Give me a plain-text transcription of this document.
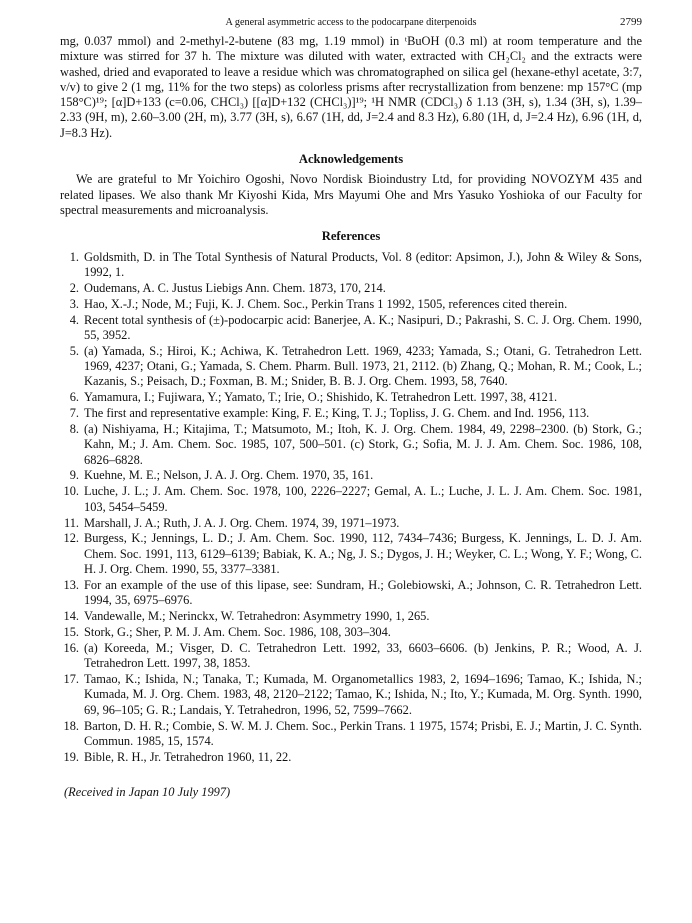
A general asymmetric access to the podocarpane diterpenoids	2799

mg, 0.037 mmol) and 2-methyl-2-butene (83 mg, 1.19 mmol) in ᵗBuOH (0.3 ml) at room temperature and the mixture was stirred for 37 h. The mixture was diluted with water, extracted with CH₂Cl₂ and the extracts were washed, dried and evaporated to leave a residue which was chromatographed on silica gel (hexane-ethyl acetate, 3:7, v/v) to give 2 (1 mg, 11% for the two steps) as colorless prisms after recrystallization from benzene: mp 157°C (mp 158°C)¹⁹; [α]D+133 (c=0.06, CHCl₃) [[α]D+132 (CHCl₃)]¹⁹; ¹H NMR (CDCl₃) δ 1.13 (3H, s), 1.34 (3H, s), 1.39–2.33 (9H, m), 2.60–3.00 (2H, m), 3.77 (3H, s), 6.67 (1H, dd, J=2.4 and 8.3 Hz), 6.80 (1H, d, J=2.4 Hz), 6.96 (1H, d, J=8.3 Hz).

Acknowledgements

We are grateful to Mr Yoichiro Ogoshi, Novo Nordisk Bioindustry Ltd, for providing NOVOZYM 435 and related lipases. We also thank Mr Kiyoshi Kida, Mrs Mayumi Ohe and Mrs Yasuko Yoshioka of our Faculty for spectral measurements and microanalysis.

References
1. Goldsmith, D. in The Total Synthesis of Natural Products, Vol. 8 (editor: Apsimon, J.), John & Wiley & Sons, 1992, 1.
2. Oudemans, A. C. Justus Liebigs Ann. Chem. 1873, 170, 214.
3. Hao, X.-J.; Node, M.; Fuji, K. J. Chem. Soc., Perkin Trans 1 1992, 1505, references cited therein.
4. Recent total synthesis of (±)-podocarpic acid: Banerjee, A. K.; Nasipuri, D.; Pakrashi, S. C. J. Org. Chem. 1990, 55, 3952.
5. (a) Yamada, S.; Hiroi, K.; Achiwa, K. Tetrahedron Lett. 1969, 4233; Yamada, S.; Otani, G. Tetrahedron Lett. 1969, 4237; Otani, G.; Yamada, S. Chem. Pharm. Bull. 1973, 21, 2112. (b) Zhang, Q.; Mohan, R. M.; Cook, L.; Kazanis, S.; Peisach, D.; Foxman, B. M.; Snider, B. B. J. Org. Chem. 1993, 58, 7640.
6. Yamamura, I.; Fujiwara, Y.; Yamato, T.; Irie, O.; Shishido, K. Tetrahedron Lett. 1997, 38, 4121.
7. The first and representative example: King, F. E.; King, T. J.; Topliss, J. G. Chem. and Ind. 1956, 113.
8. (a) Nishiyama, H.; Kitajima, T.; Matsumoto, M.; Itoh, K. J. Org. Chem. 1984, 49, 2298–2300. (b) Stork, G.; Kahn, M.; J. Am. Chem. Soc. 1985, 107, 500–501. (c) Stork, G.; Sofia, M. J. J. Am. Chem. Soc. 1986, 108, 6826–6828.
9. Kuehne, M. E.; Nelson, J. A. J. Org. Chem. 1970, 35, 161.
10. Luche, J. L.; J. Am. Chem. Soc. 1978, 100, 2226–2227; Gemal, A. L.; Luche, J. L. J. Am. Chem. Soc. 1981, 103, 5454–5459.
11. Marshall, J. A.; Ruth, J. A. J. Org. Chem. 1974, 39, 1971–1973.
12. Burgess, K.; Jennings, L. D.; J. Am. Chem. Soc. 1990, 112, 7434–7436; Burgess, K. Jennings, L. D. J. Am. Chem. Soc. 1991, 113, 6129–6139; Babiak, K. A.; Ng, J. S.; Dygos, J. H.; Weyker, C. L.; Wong, Y. F.; Wong, C. H. J. Org. Chem. 1990, 55, 3377–3381.
13. For an example of the use of this lipase, see: Sundram, H.; Golebiowski, A.; Johnson, C. R. Tetrahedron Lett. 1994, 35, 6975–6976.
14. Vandewalle, M.; Nerinckx, W. Tetrahedron: Asymmetry 1990, 1, 265.
15. Stork, G.; Sher, P. M. J. Am. Chem. Soc. 1986, 108, 303–304.
16. (a) Koreeda, M.; Visger, D. C. Tetrahedron Lett. 1992, 33, 6603–6606. (b) Jenkins, P. R.; Wood, A. J. Tetrahedron Lett. 1997, 38, 1853.
17. Tamao, K.; Ishida, N.; Tanaka, T.; Kumada, M. Organometallics 1983, 2, 1694–1696; Tamao, K.; Ishida, N.; Kumada, M. J. Org. Chem. 1983, 48, 2120–2122; Tamao, K.; Ishida, N.; Ito, Y.; Kumada, M. Org. Synth. 1990, 69, 96–105; G. R.; Landais, Y. Tetrahedron, 1996, 52, 7599–7662.
18. Barton, D. H. R.; Combie, S. W. M. J. Chem. Soc., Perkin Trans. 1 1975, 1574; Prisbi, E. J.; Martin, J. C. Synth. Commun. 1985, 15, 1574.
19. Bible, R. H., Jr. Tetrahedron 1960, 11, 22.
(Received in Japan 10 July 1997)
